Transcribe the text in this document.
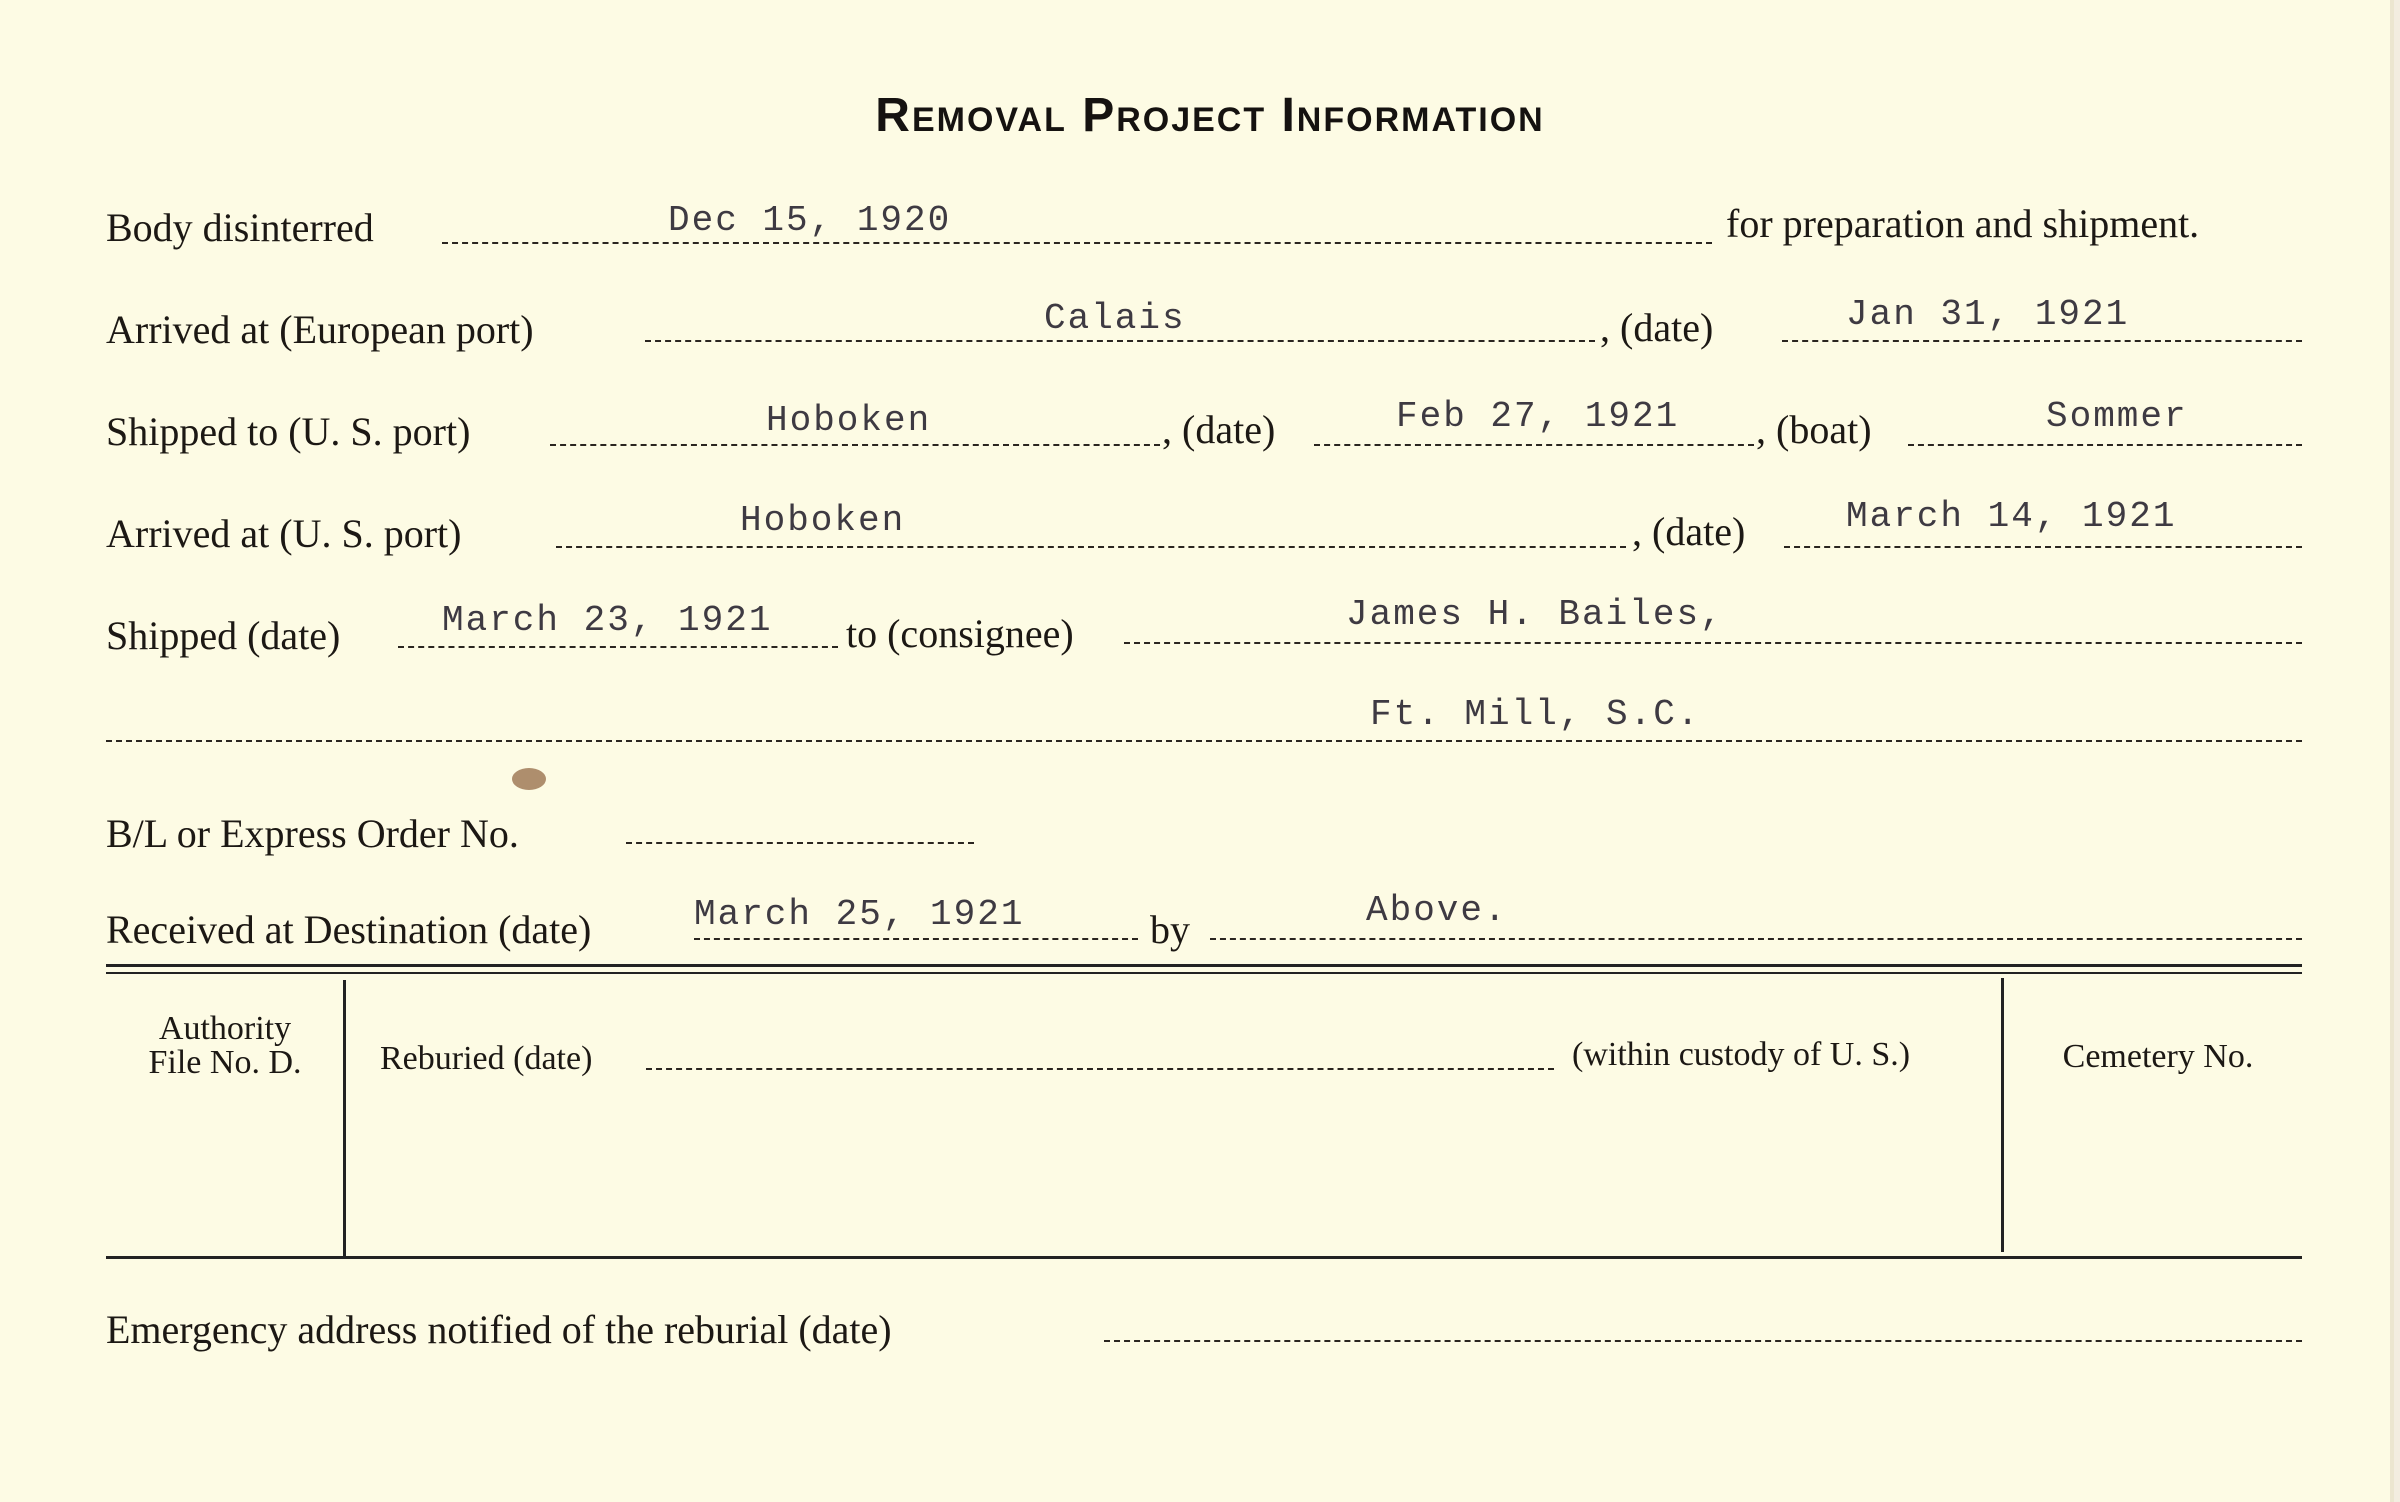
Removal Project Information
Body disinterred	Dec 15, 1920	for preparation and shipment.
Arrived at (European port)	Calais	, (date)	Jan 31, 1921
Shipped to (U. S. port)	Hoboken	, (date)	Feb 27, 1921 , (boat)	Sommer
Arrived at (U. S. port)	Hoboken	, (date)	March 14, 1921
Shipped (date)	March 23, 1921 to (consignee)	James H. Bailes,
Ft. Mill, S.C.
B/L or Express Order No.
Received at Destination (date)	March 25, 1921	by	Above.
Authority
File No. D.	Reburied (date)	(within custody of U. S.)	Cemetery No.
Emergency address notified of the reburial (date)
